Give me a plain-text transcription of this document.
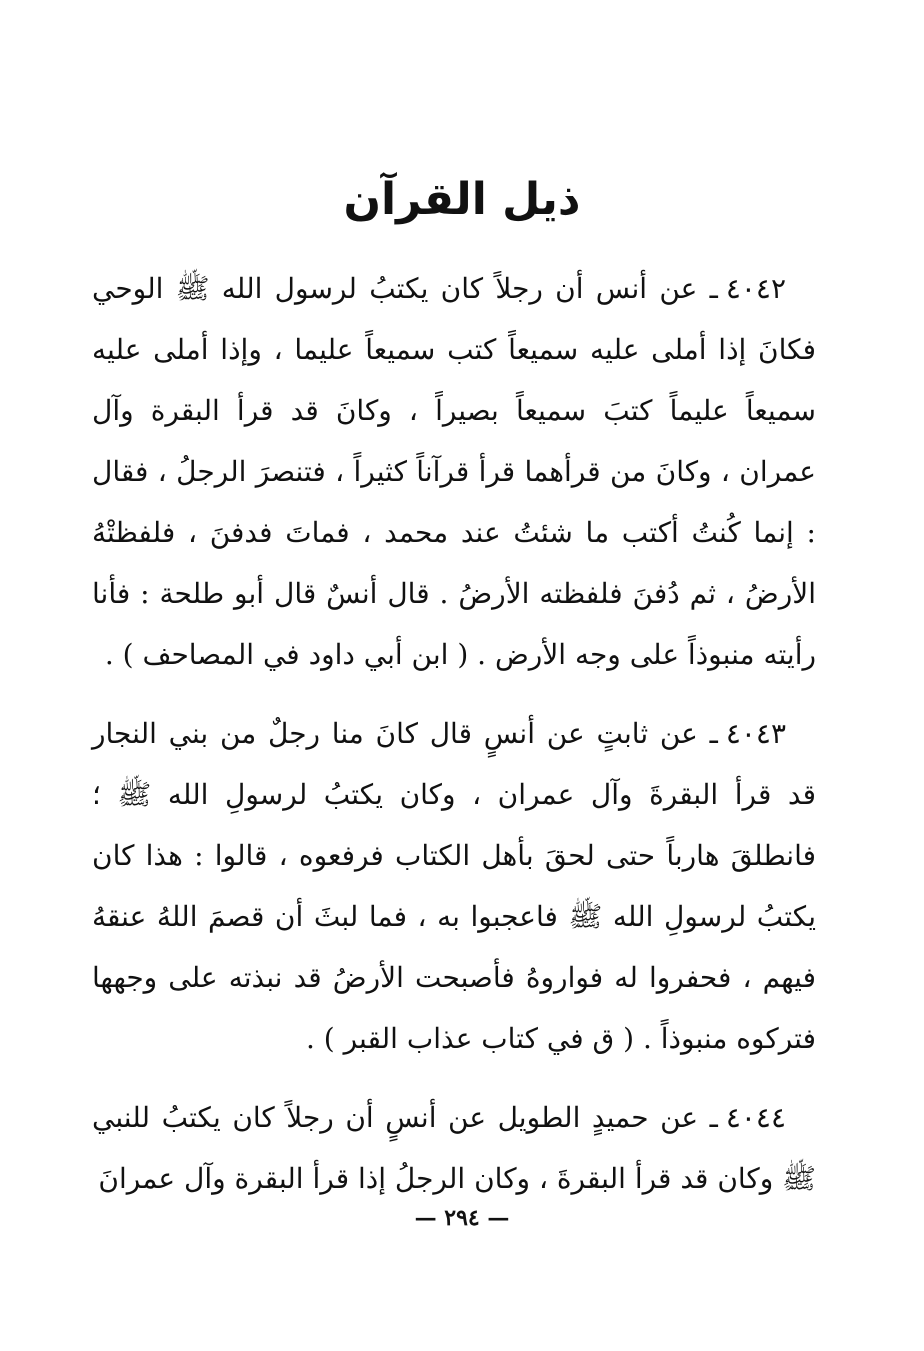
ذيل القرآن

٤٠٤٢ـ عن أنس أن رجلاً كان يكتبُ لرسول الله ﷺ الوحي فكانَ إذا أملى عليه سميعاً كتب سميعاً عليما ، وإذا أملى عليه سميعاً عليماً كتبَ سميعاً بصيراً ، وكانَ قد قرأ البقرة وآل عمران ، وكانَ من قرأهما قرأ قرآناً كثيراً ، فتنصرَ الرجلُ ، فقال : إنما كُنتُ أكتب ما شئتُ عند محمد ، فماتَ فدفنَ ، فلفظتْهُ الأرضُ ، ثم دُفنَ فلفظته الأرضُ . قال أنسٌ قال أبو طلحة : فأنا رأيته منبوذاً على وجه الأرض . ( ابن أبي داود في المصاحف ) .

٤٠٤٣ـ عن ثابتٍ عن أنسٍ قال كانَ منا رجلٌ من بني النجار قد قرأ البقرةَ وآل عمران ، وكان يكتبُ لرسولِ الله ﷺ ؛ فانطلقَ هارباً حتى لحقَ بأهل الكتاب فرفعوه ، قالوا : هذا كان يكتبُ لرسولِ الله ﷺ فاعجبوا به ، فما لبثَ أن قصمَ اللهُ عنقهُ فيهم ، فحفروا له فواروهُ فأصبحت الأرضُ قد نبذته على وجهها فتركوه منبوذاً . ( ق في كتاب عذاب القبر ) .

٤٠٤٤ـ عن حميدٍ الطويل عن أنسٍ أن رجلاً كان يكتبُ للنبي ﷺ وكان قد قرأ البقرةَ ، وكان الرجلُ إذا قرأ البقرة وآل عمرانَ

— ٢٩٤ —
